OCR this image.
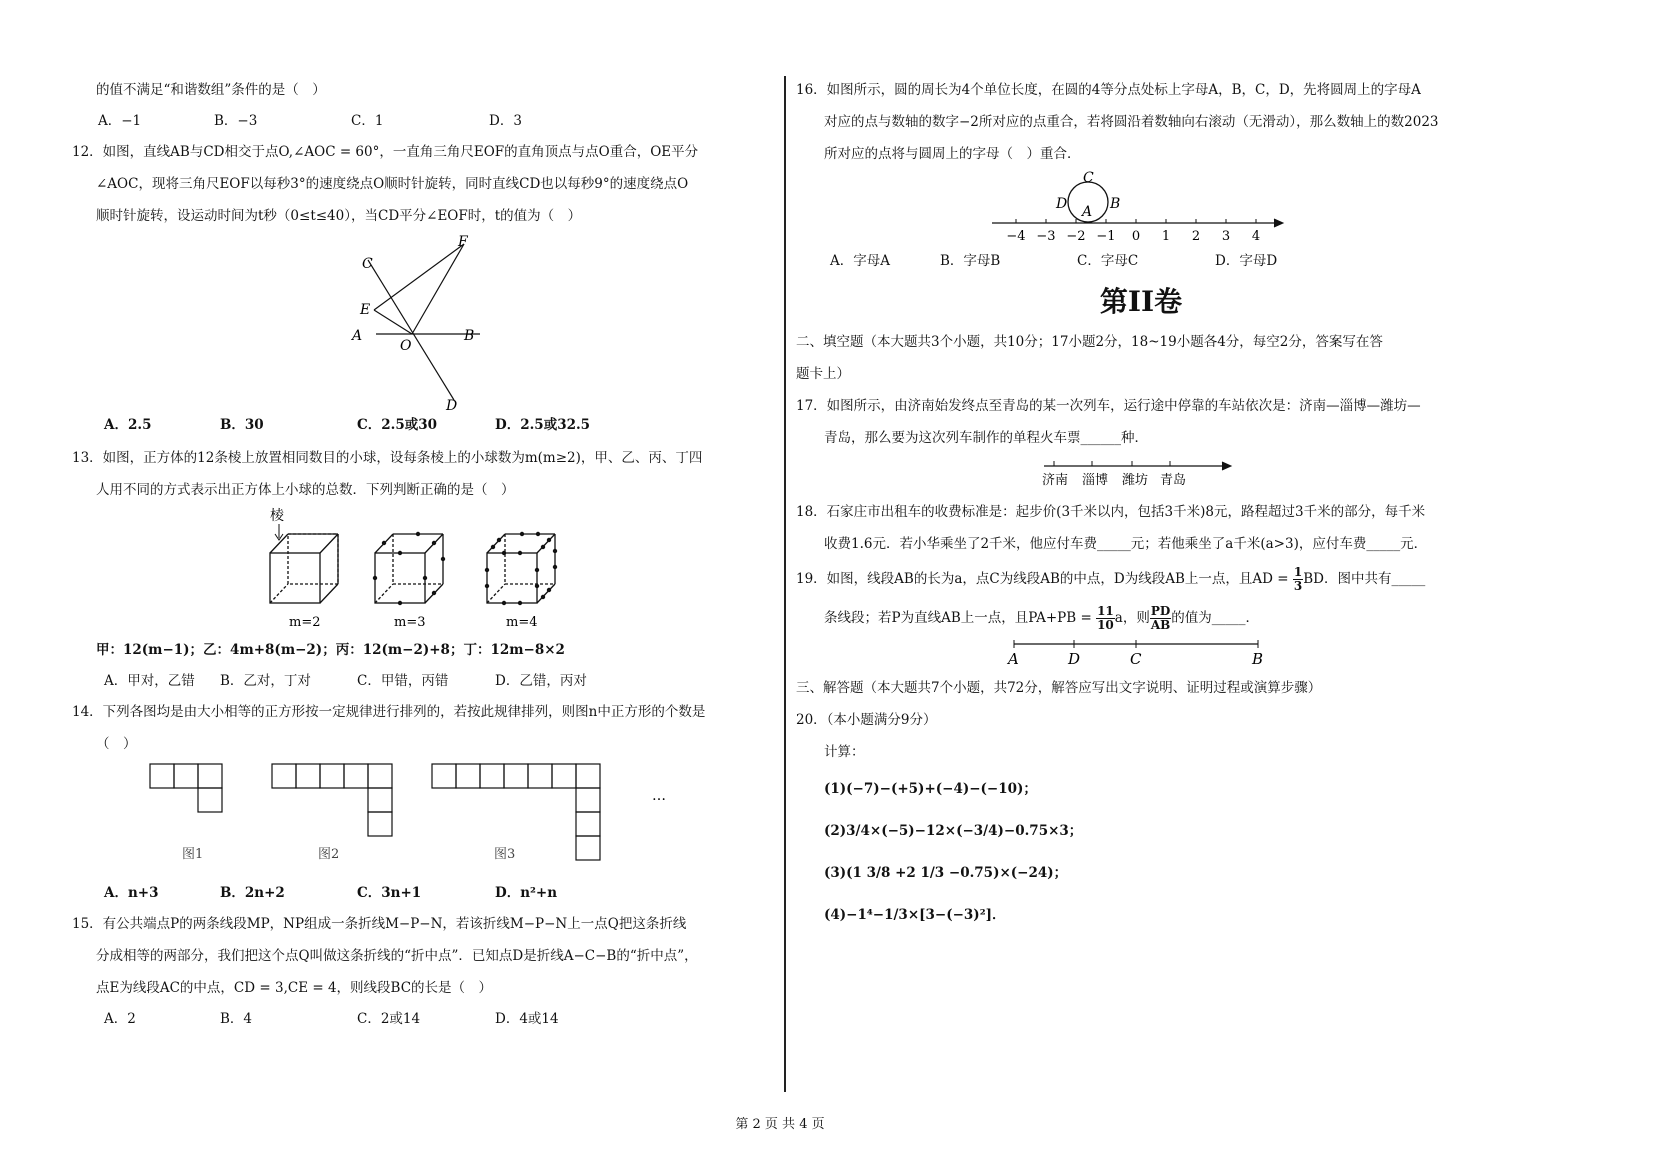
的值不满足“和谐数组”条件的是（　）
A．−1	B．−3	C．1	D．3
12．如图，直线AB与CD相交于点O,∠AOC = 60°，一直角三角尺EOF的直角顶点与点O重合，OE平分
∠AOC，现将三角尺EOF以每秒3°的速度绕点O顺时针旋转，同时直线CD也以每秒9°的速度绕点O
顺时针旋转，设运动时间为t秒（0≤t≤40），当CD平分∠EOF时，t的值为（　）
C
F
E
A
O
B
D
A．2.5	B．30	C．2.5或30	D．2.5或32.5
13．如图，正方体的12条棱上放置相同数目的小球，设每条棱上的小球数为m(m≥2)，甲、乙、丙、丁四
人用不同的方式表示出正方体上小球的总数．下列判断正确的是（　）
棱
m=2	m=3	m=4
甲：12(m−1)；乙：4m+8(m−2)；丙：12(m−2)+8；丁：12m−8×2
A．甲对，乙错	B．乙对，丁对	C．甲错，丙错	D．乙错，丙对
14．下列各图均是由大小相等的正方形按一定规律进行排列的，若按此规律排列，则图n中正方形的个数是
（　）
…
图1	图2	图3
A．n+3	B．2n+2	C．3n+1	D．n²+n
15．有公共端点P的两条线段MP，NP组成一条折线M−P−N，若该折线M−P−N上一点Q把这条折线
分成相等的两部分，我们把这个点Q叫做这条折线的“折中点”．已知点D是折线A−C−B的“折中点”，
点E为线段AC的中点，CD = 3,CE = 4，则线段BC的长是（　）
A．2	B．4	C．2或14	D．4或14
16．如图所示，圆的周长为4个单位长度，在圆的4等分点处标上字母A，B，C，D，先将圆周上的字母A
对应的点与数轴的数字−2所对应的点重合，若将圆沿着数轴向右滚动（无滑动），那么数轴上的数2023
所对应的点将与圆周上的字母（　）重合．
C
D A B
−4 −3 −2 −1 0 1 2 3 4
A．字母A	B．字母B	C．字母C	D．字母D
第II卷
二、填空题（本大题共3个小题，共10分；17小题2分，18~19小题各4分，每空2分，答案写在答
题卡上）
17．如图所示，由济南始发终点至青岛的某一次列车，运行途中停靠的车站依次是：济南—淄博—潍坊—
青岛，那么要为这次列车制作的单程火车票______种．
济南 淄博 潍坊 青岛
18．石家庄市出租车的收费标准是：起步价(3千米以内，包括3千米)8元，路程超过3千米的部分，每千米
收费1.6元．若小华乘坐了2千米，他应付车费_____元；若他乘坐了a千米(a>3)，应付车费_____元．
19．如图，线段AB的长为a，点C为线段AB的中点，D为线段AB上一点，且AD = $\frac{1}{3}$ BD．图中共有_____
条线段；若P为直线AB上一点，且$PA+PB = \frac{11}{10}$ a，则 $\frac{PD}{AB}$ 的值为_____．
A	D	C	B
三、解答题（本大题共7个小题，共72分，解答应写出文字说明、证明过程或演算步骤）
20．（本小题满分9分）
计算：
(1)(−7)−(+5)+(−4)−(−10)；
(2)3/4×(−5)−12×(−3/4)−0.75×3；
(3)(1 3/8 +2 1/3 −0.75)×(−24)；
(4)−1⁴−1/3×[3−(−3)²]．
第 2 页 共 4 页
